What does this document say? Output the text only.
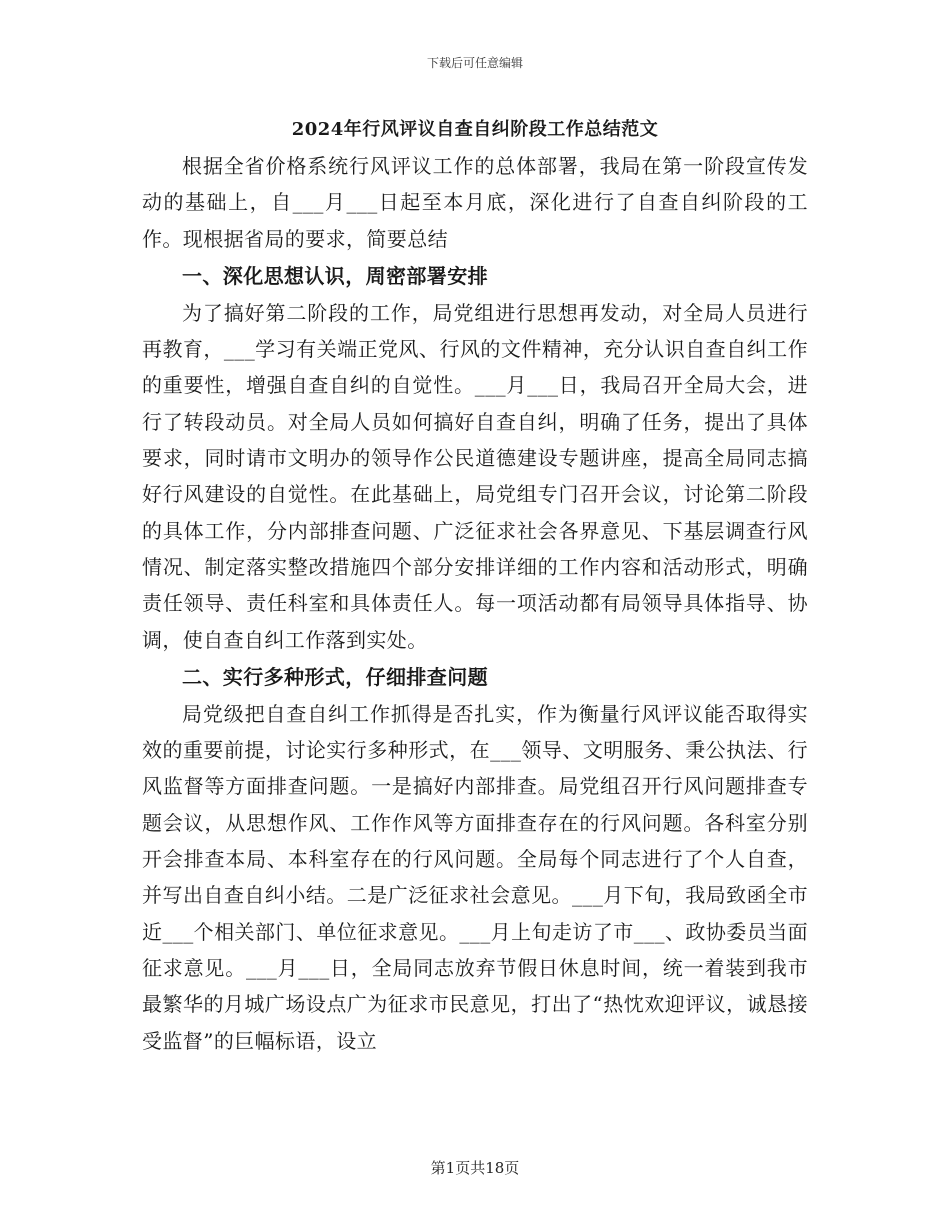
下载后可任意编辑

2024年行风评议自查自纠阶段工作总结范文

根据全省价格系统行风评议工作的总体部署，我局在第一阶段宣传发动的基础上，自___月___日起至本月底，深化进行了自查自纠阶段的工作。现根据省局的要求，简要总结

一、深化思想认识，周密部署安排

为了搞好第二阶段的工作，局党组进行思想再发动，对全局人员进行再教育，___学习有关端正党风、行风的文件精神，充分认识自查自纠工作的重要性，增强自查自纠的自觉性。___月___日，我局召开全局大会，进行了转段动员。对全局人员如何搞好自查自纠，明确了任务，提出了具体要求，同时请市文明办的领导作公民道德建设专题讲座，提高全局同志搞好行风建设的自觉性。在此基础上，局党组专门召开会议，讨论第二阶段的具体工作，分内部排查问题、广泛征求社会各界意见、下基层调查行风情况、制定落实整改措施四个部分安排详细的工作内容和活动形式，明确责任领导、责任科室和具体责任人。每一项活动都有局领导具体指导、协调，使自查自纠工作落到实处。

二、实行多种形式，仔细排查问题

局党级把自查自纠工作抓得是否扎实，作为衡量行风评议能否取得实效的重要前提，讨论实行多种形式，在___领导、文明服务、秉公执法、行风监督等方面排查问题。一是搞好内部排查。局党组召开行风问题排查专题会议，从思想作风、工作作风等方面排查存在的行风问题。各科室分别开会排查本局、本科室存在的行风问题。全局每个同志进行了个人自查，并写出自查自纠小结。二是广泛征求社会意见。___月下旬，我局致函全市近___个相关部门、单位征求意见。___月上旬走访了市___、政协委员当面征求意见。___月___日，全局同志放弃节假日休息时间，统一着装到我市最繁华的月城广场设点广为征求市民意见，打出了“热忱欢迎评议，诚恳接受监督”的巨幅标语，设立

第1页共18页
